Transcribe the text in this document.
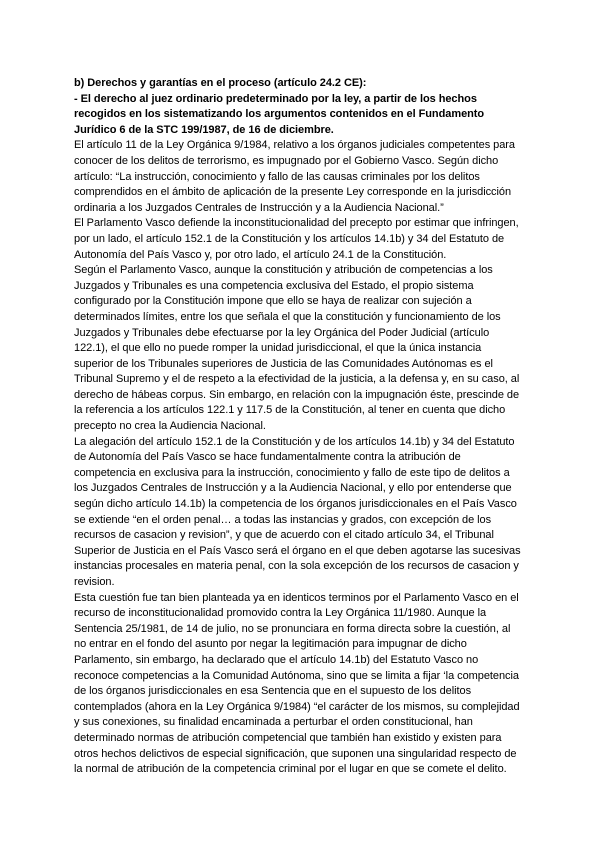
b) Derechos y garantías en el proceso (artículo 24.2 CE):
- El derecho al juez ordinario predeterminado por la ley, a partir de los hechos
recogidos en los sistematizando los argumentos contenidos en el Fundamento
Jurídico 6 de la STC 199/1987, de 16 de diciembre.
El artículo 11 de la Ley Orgánica 9/1984, relativo a los órganos judiciales competentes para
conocer de los delitos de terrorismo, es impugnado por el Gobierno Vasco. Según dicho
artículo: “La instrucción, conocimiento y fallo de las causas criminales por los delitos
comprendidos en el ámbito de aplicación de la presente Ley corresponde en la jurisdicción
ordinaria a los Juzgados Centrales de Instrucción y a la Audiencia Nacional.”
El Parlamento Vasco defiende la inconstitucionalidad del precepto por estimar que infringen,
por un lado, el artículo 152.1 de la Constitución y los artículos 14.1b) y 34 del Estatuto de
Autonomía del País Vasco y, por otro lado, el artículo 24.1 de la Constitución.
Según el Parlamento Vasco, aunque la constitución y atribución de competencias a los
Juzgados y Tribunales es una competencia exclusiva del Estado, el propio sistema
configurado por la Constitución impone que ello se haya de realizar con sujeción a
determinados límites, entre los que señala el que la constitución y funcionamiento de los
Juzgados y Tribunales debe efectuarse por la ley Orgánica del Poder Judicial (artículo
122.1), el que ello no puede romper la unidad jurisdiccional, el que la única instancia
superior de los Tribunales superiores de Justicia de las Comunidades Autónomas es el
Tribunal Supremo y el de respeto a la efectividad de la justicia, a la defensa y, en su caso, al
derecho de hábeas corpus. Sin embargo, en relación con la impugnación éste, prescinde de
la referencia a los artículos 122.1 y 117.5 de la Constitución, al tener en cuenta que dicho
precepto no crea la Audiencia Nacional.
La alegación del artículo 152.1 de la Constitución y de los artículos 14.1b) y 34 del Estatuto
de Autonomía del País Vasco se hace fundamentalmente contra la atribución de
competencia en exclusiva para la instrucción, conocimiento y fallo de este tipo de delitos a
los Juzgados Centrales de Instrucción y a la Audiencia Nacional, y ello por entenderse que
según dicho artículo 14.1b) la competencia de los órganos jurisdiccionales en el País Vasco
se extiende “en el orden penal… a todas las instancias y grados, con excepción de los
recursos de casacion y revision”, y que de acuerdo con el citado artículo 34, el Tribunal
Superior de Justicia en el País Vasco será el órgano en el que deben agotarse las sucesivas
instancias procesales en materia penal, con la sola excepción de los recursos de casacion y
revision.
Esta cuestión fue tan bien planteada ya en identicos terminos por el Parlamento Vasco en el
recurso de inconstitucionalidad promovido contra la Ley Orgánica 11/1980. Aunque la
Sentencia 25/1981, de 14 de julio, no se pronunciara en forma directa sobre la cuestión, al
no entrar en el fondo del asunto por negar la legitimación para impugnar de dicho
Parlamento, sin embargo, ha declarado que el artículo 14.1b) del Estatuto Vasco no
reconoce competencias a la Comunidad Autónoma, sino que se limita a fijar ‘la competencia
de los órganos jurisdiccionales en esa Sentencia que en el supuesto de los delitos
contemplados (ahora en la Ley Orgánica 9/1984) “el carácter de los mismos, su complejidad
y sus conexiones, su finalidad encaminada a perturbar el orden constitucional, han
determinado normas de atribución competencial que también han existido y existen para
otros hechos delictivos de especial significación, que suponen una singularidad respecto de
la normal de atribución de la competencia criminal por el lugar en que se comete el delito.
